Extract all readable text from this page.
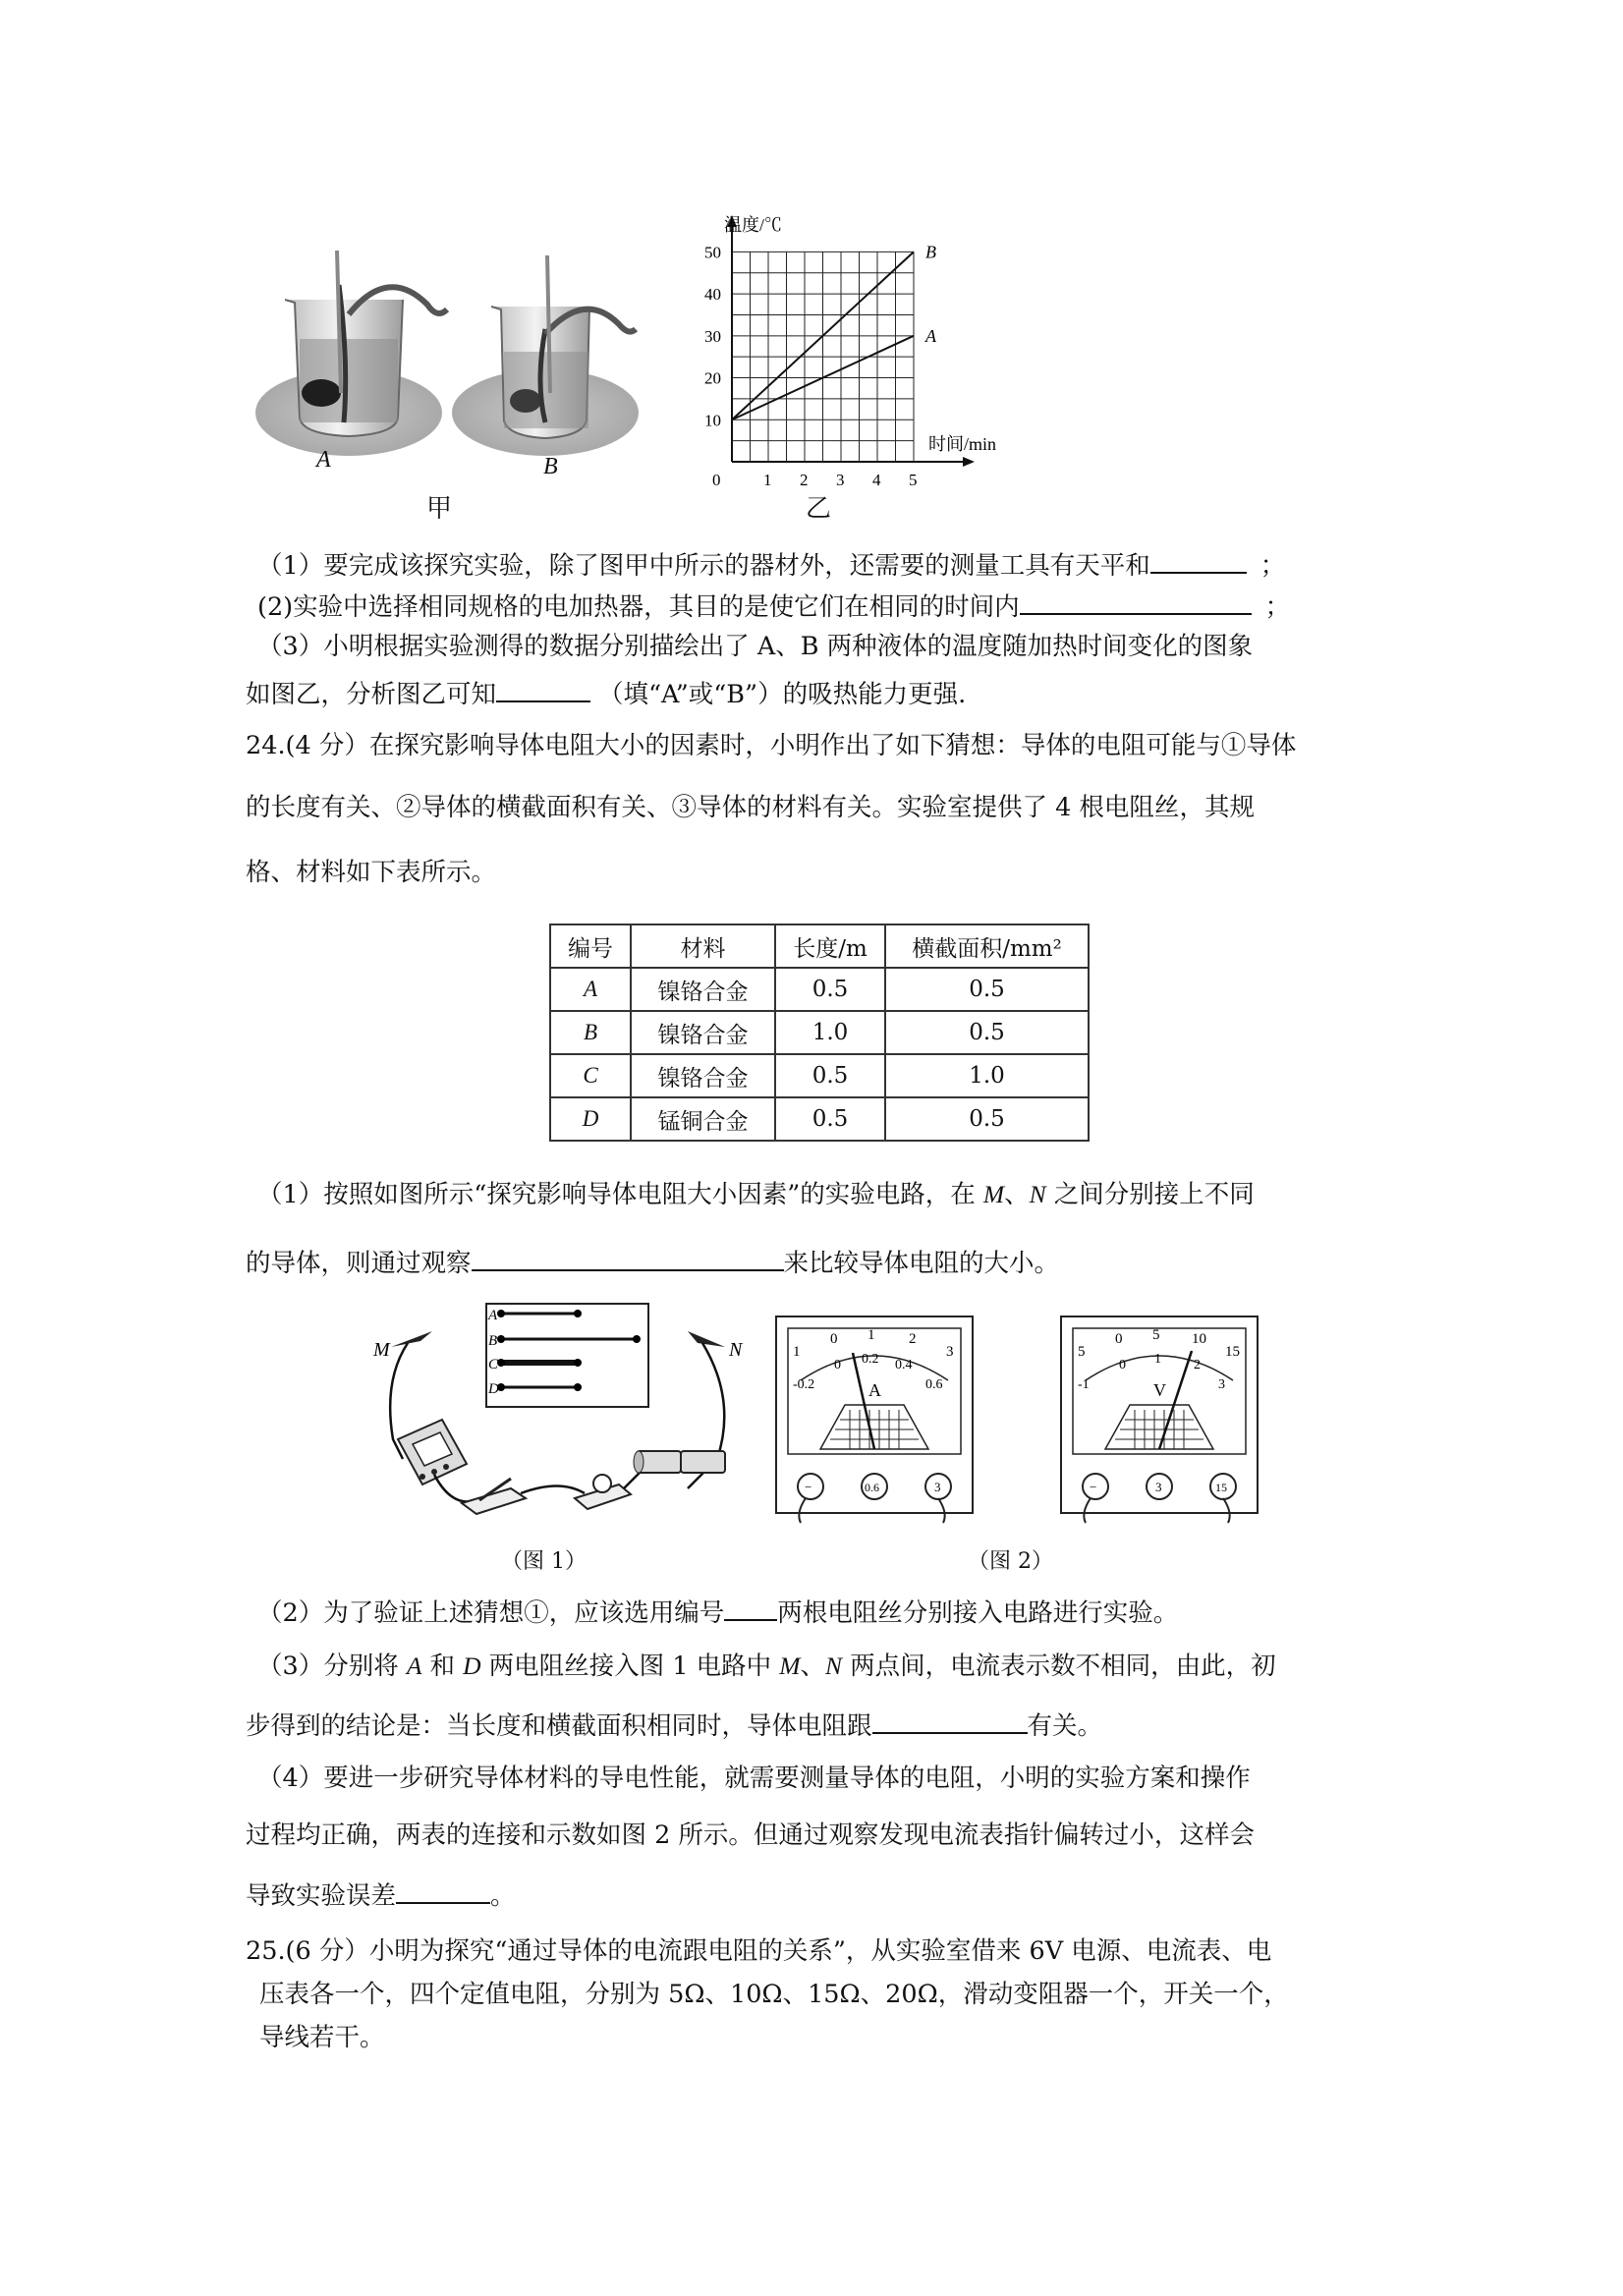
A	B
甲
0	1 2 3 4 5
10
20
30
40
50
温度/℃
时间/min
B
A
乙
（1）要完成该探究实验，除了图甲中所示的器材外，还需要的测量工具有天平和	；
(2)实验中选择相同规格的电加热器，其目的是使它们在相同的时间内	；
（3）小明根据实验测得的数据分别描绘出了 A、B 两种液体的温度随加热时间变化的图象
如图乙，分析图乙可知	（填“A”或“B”）的吸热能力更强.
24.(4 分）在探究影响导体电阻大小的因素时，小明作出了如下猜想：导体的电阻可能与①导体
的长度有关、②导体的横截面积有关、③导体的材料有关。实验室提供了 4 根电阻丝，其规
格、材料如下表所示。
编号	材料	长度/m	横截面积/mm²
A	镍铬合金	0.5	0.5
B	镍铬合金	1.0	0.5
C	镍铬合金	0.5	1.0
D	锰铜合金	0.5	0.5
（1）按照如图所示“探究影响导体电阻大小因素”的实验电路，在 M、N 之间分别接上不同
的导体，则通过观察	来比较导体电阻的大小。
A
B
C
D
M	N
（图 1）
1
0 1 2
3
-0.2
0 0.2 0.4
0.6
A
−	0.6	3
5
0 5 10
15
-1
0 1 2
3
V
−	3	15
（图 2）
（2）为了验证上述猜想①，应该选用编号 两根电阻丝分别接入电路进行实验。
（3）分别将 A 和 D 两电阻丝接入图 1 电路中 M、N 两点间，电流表示数不相同，由此，初
步得到的结论是：当长度和横截面积相同时，导体电阻跟	有关。
（4）要进一步研究导体材料的导电性能，就需要测量导体的电阻，小明的实验方案和操作
过程均正确，两表的连接和示数如图 2 所示。但通过观察发现电流表指针偏转过小，这样会
导致实验误差	。
25.(6 分）小明为探究“通过导体的电流跟电阻的关系”，从实验室借来 6V 电源、电流表、电
压表各一个，四个定值电阻，分别为 5Ω、10Ω、15Ω、20Ω，滑动变阻器一个，开关一个，
导线若干。
